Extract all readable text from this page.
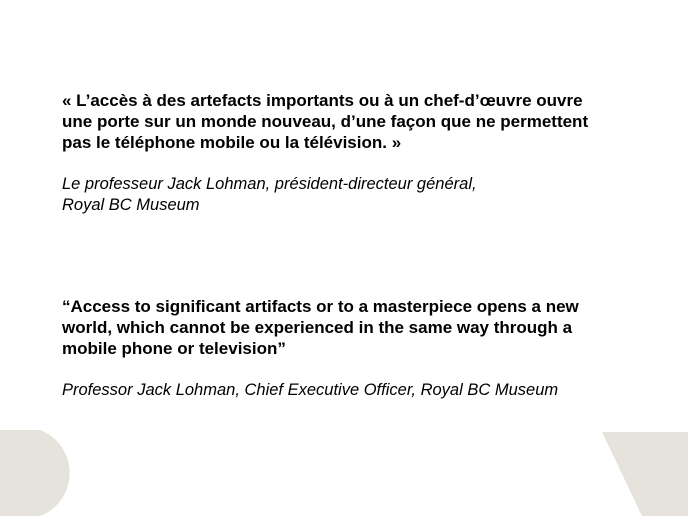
« L’accès à des artefacts importants ou à un chef-d’œuvre ouvre
une porte sur un monde nouveau, d’une façon que ne permettent
pas le téléphone mobile ou la télévision. »

Le professeur Jack Lohman, président-directeur général,
Royal BC Museum

“Access to significant artifacts or to a masterpiece opens a new
world, which cannot be experienced in the same way through a
mobile phone or television”

Professor Jack Lohman, Chief Executive Officer, Royal BC Museum
